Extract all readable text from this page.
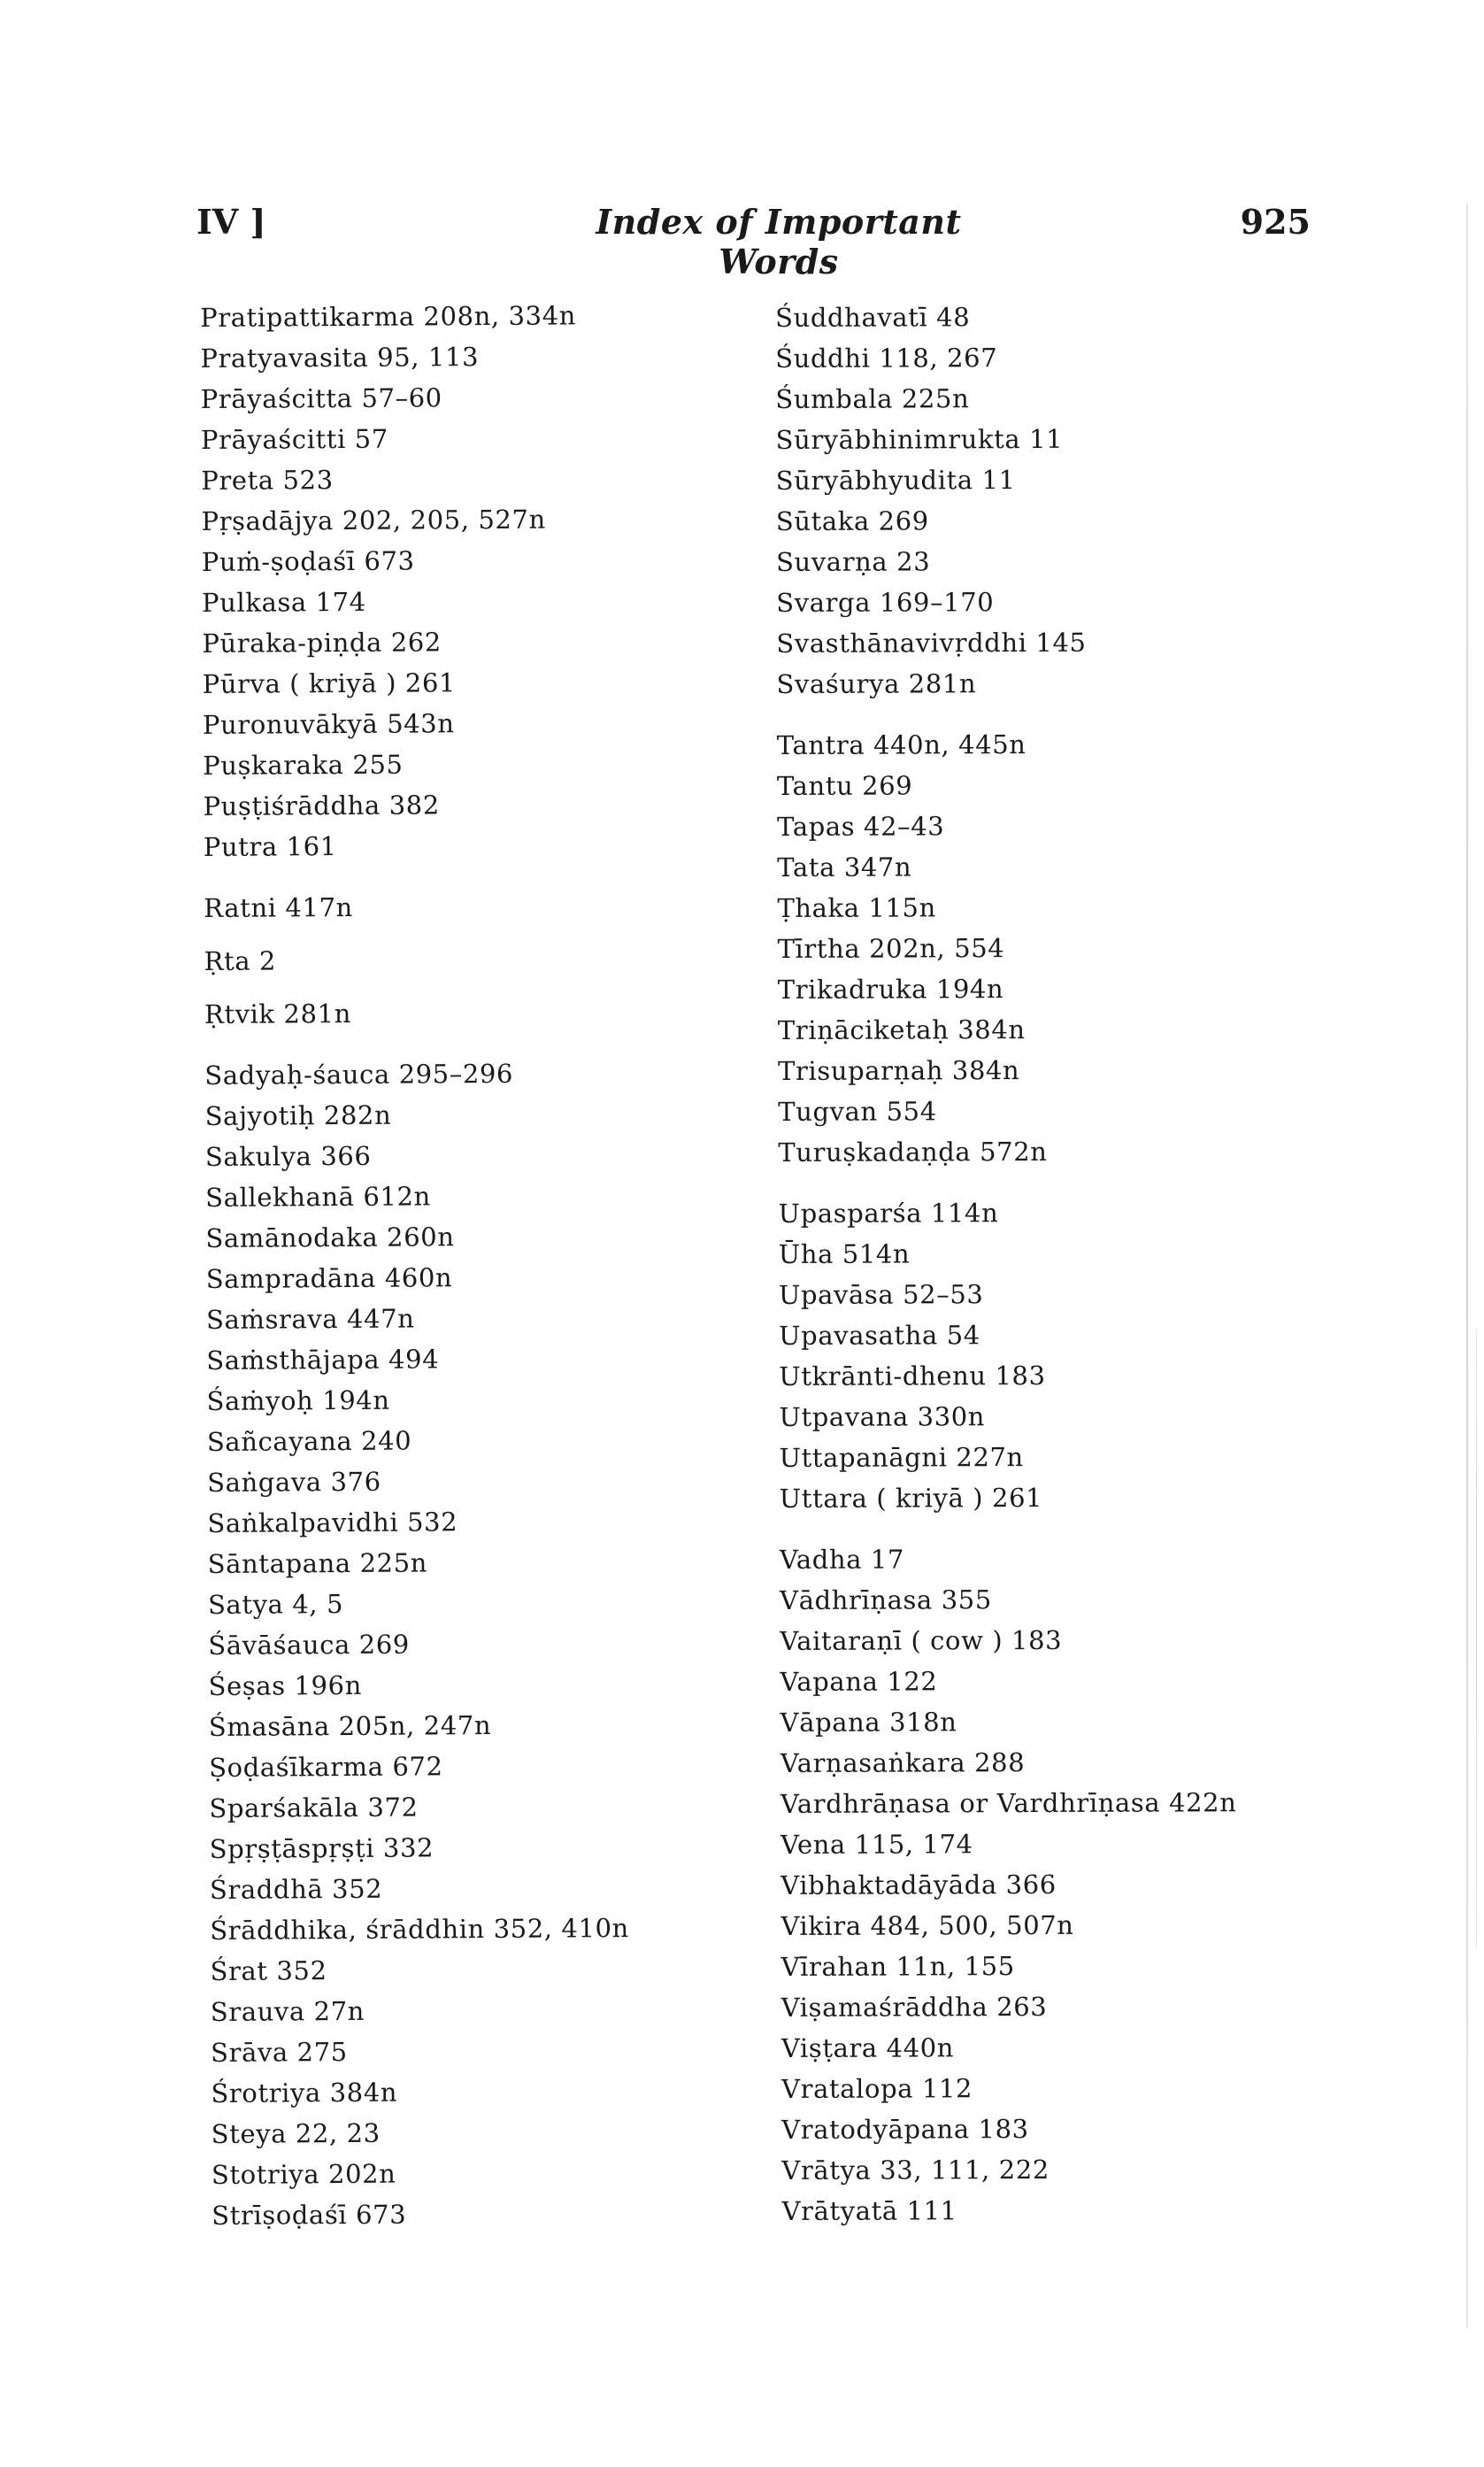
IV ]	Index of Important Words
925
Pratipattikarma 208n, 334n
Pratyavasita 95, 113
Prāyaścitta 57–60
Prāyaścitti 57
Preta 523
Pṛṣadājya 202, 205, 527n
Puṁ-ṣoḍaśī 673
Pulkasa 174
Pūraka-piṇḍa 262
Pūrva ( kriyā ) 261
Puronuvākyā 543n
Puṣkaraka 255
Puṣṭiśrāddha 382
Putra 161
Ratni 417n
Ṛta 2
Ṛtvik 281n
Sadyaḥ-śauca 295–296
Sajyotiḥ 282n
Sakulya 366
Sallekhanā 612n
Samānodaka 260n
Sampradāna 460n
Saṁsrava 447n
Saṁsthājapa 494
Śaṁyoḥ 194n
Sañcayana 240
Saṅgava 376
Saṅkalpavidhi 532
Sāntapana 225n
Satya 4, 5
Śāvāśauca 269
Śeṣas 196n
Śmasāna 205n, 247n
Ṣoḍaśīkarma 672
Sparśakāla 372
Spṛṣṭāspṛṣṭi 332
Śraddhā 352
Śrāddhika, śrāddhin 352, 410n
Śrat 352
Srauva 27n
Srāva 275
Śrotriya 384n
Steya 22, 23
Stotriya 202n
Strīṣoḍaśī 673
Śuddhavatī 48
Śuddhi 118, 267
Śumbala 225n
Sūryābhinimrukta 11
Sūryābhyudita 11
Sūtaka 269
Suvarṇa 23
Svarga 169–170
Svasthānavivṛddhi 145
Svaśurya 281n
Tantra 440n, 445n
Tantu 269
Tapas 42–43
Tata 347n
Ṭhaka 115n
Tīrtha 202n, 554
Trikadruka 194n
Triṇāciketaḥ 384n
Trisuparṇaḥ 384n
Tugvan 554
Turuṣkadaṇḍa 572n
Upasparśa 114n
Ūha 514n
Upavāsa 52–53
Upavasatha 54
Utkrānti-dhenu 183
Utpavana 330n
Uttapanāgni 227n
Uttara ( kriyā ) 261
Vadha 17
Vādhrīṇasa 355
Vaitaraṇī ( cow ) 183
Vapana 122
Vāpana 318n
Varṇasaṅkara 288
Vardhrāṇasa or Vardhrīṇasa 422n
Vena 115, 174
Vibhaktadāyāda 366
Vikira 484, 500, 507n
Vīrahan 11n, 155
Viṣamaśrāddha 263
Viṣṭara 440n
Vratalopa 112
Vratodyāpana 183
Vrātya 33, 111, 222
Vrātyatā 111
